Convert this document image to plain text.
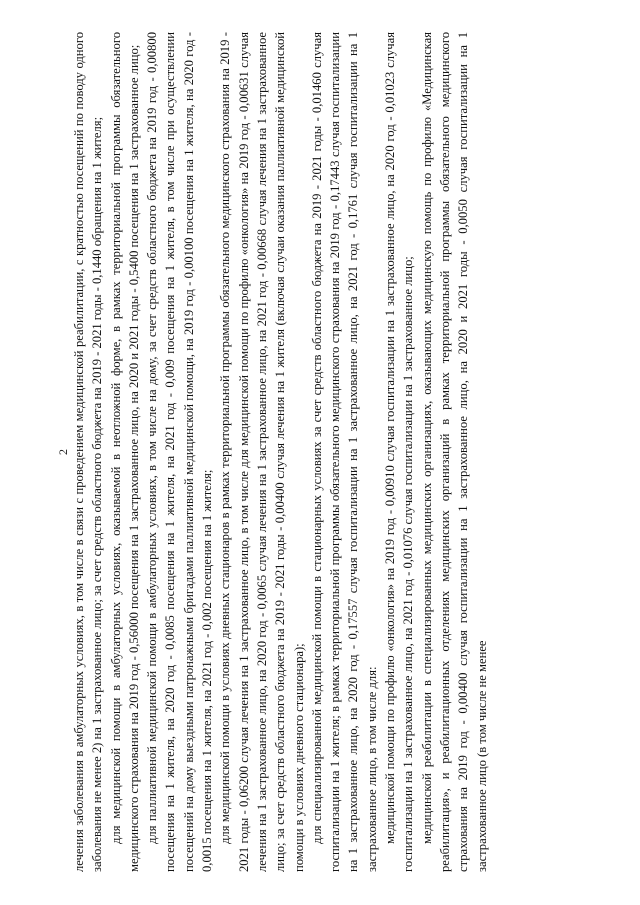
2 лечения заболевания в амбулаторных условиях, в том числе в связи с проведением медицинской реабилитации, с кратностью посещений по поводу одного заболевания не менее 2) на 1 застрахованное лицо; за счет средств областного бюджета на 2019 - 2021 годы - 0,1440 обращения на 1 жителя; для медицинской помощи в амбулаторных условиях, оказываемой в неотложной форме, в рамках территориальной программы обязательного медицинского страхования на 2019 год - 0,56000 посещения на 1 застрахованное лицо, на 2020 и 2021 годы - 0,5400 посещения на 1 застрахованное лицо; для паллиативной медицинской помощи в амбулаторных условиях, в том числе на дому, за счет средств областного бюджета на 2019 год - 0,00800 посещения на 1 жителя, на 2020 год - 0,0085 посещения на 1 жителя, на 2021 год - 0,009 посещения на 1 жителя, в том числе при осуществлении посещений на дому выездными патронажными бригадами паллиативной медицинской помощи, на 2019 год - 0,00100 посещения на 1 жителя, на 2020 год - 0,0015 посещения на 1 жителя, на 2021 год - 0,002 посещения на 1 жителя; для медицинской помощи в условиях дневных стационаров в рамках территориальной программы обязательного медицинского страхования на 2019 - 2021 годы - 0,06200 случая лечения на 1 застрахованное лицо, в том числе для медицинской помощи по профилю «онкология» на 2019 год - 0,00631 случая лечения на 1 застрахованное лицо, на 2020 год - 0,0065 случая лечения на 1 застрахованное лицо, на 2021 год - 0,00668 случая лечения на 1 застрахованное лицо; за счет средств областного бюджета на 2019 - 2021 годы - 0,00400 случая лечения на 1 жителя (включая случаи оказания паллиативной медицинской помощи в условиях дневного стационара); для специализированной медицинской помощи в стационарных условиях за счет средств областного бюджета на 2019 - 2021 годы - 0,01460 случая госпитализации на 1 жителя; в рамках территориальной программы обязательного медицинского страхования на 2019 год - 0,17443 случая госпитализации на 1 застрахованное лицо, на 2020 год - 0,17557 случая госпитализации на 1 застрахованное лицо, на 2021 год - 0,1761 случая госпитализации на 1 застрахованное лицо, в том числе для: медицинской помощи по профилю «онкология» на 2019 год - 0,00910 случая госпитализации на 1 застрахованное лицо, на 2020 год - 0,01023 случая госпитализации на 1 застрахованное лицо, на 2021 год - 0,01076 случая госпитализации на 1 застрахованное лицо; медицинской реабилитации в специализированных медицинских организациях, оказывающих медицинскую помощь по профилю «Медицинская реабилитация», и реабилитационных отделениях медицинских организаций в рамках территориальной программы обязательного медицинского страхования на 2019 год - 0,00400 случая госпитализации на 1 застрахованное лицо, на 2020 и 2021 годы - 0,0050 случая госпитализации на 1 застрахованное лицо (в том числе не менее
